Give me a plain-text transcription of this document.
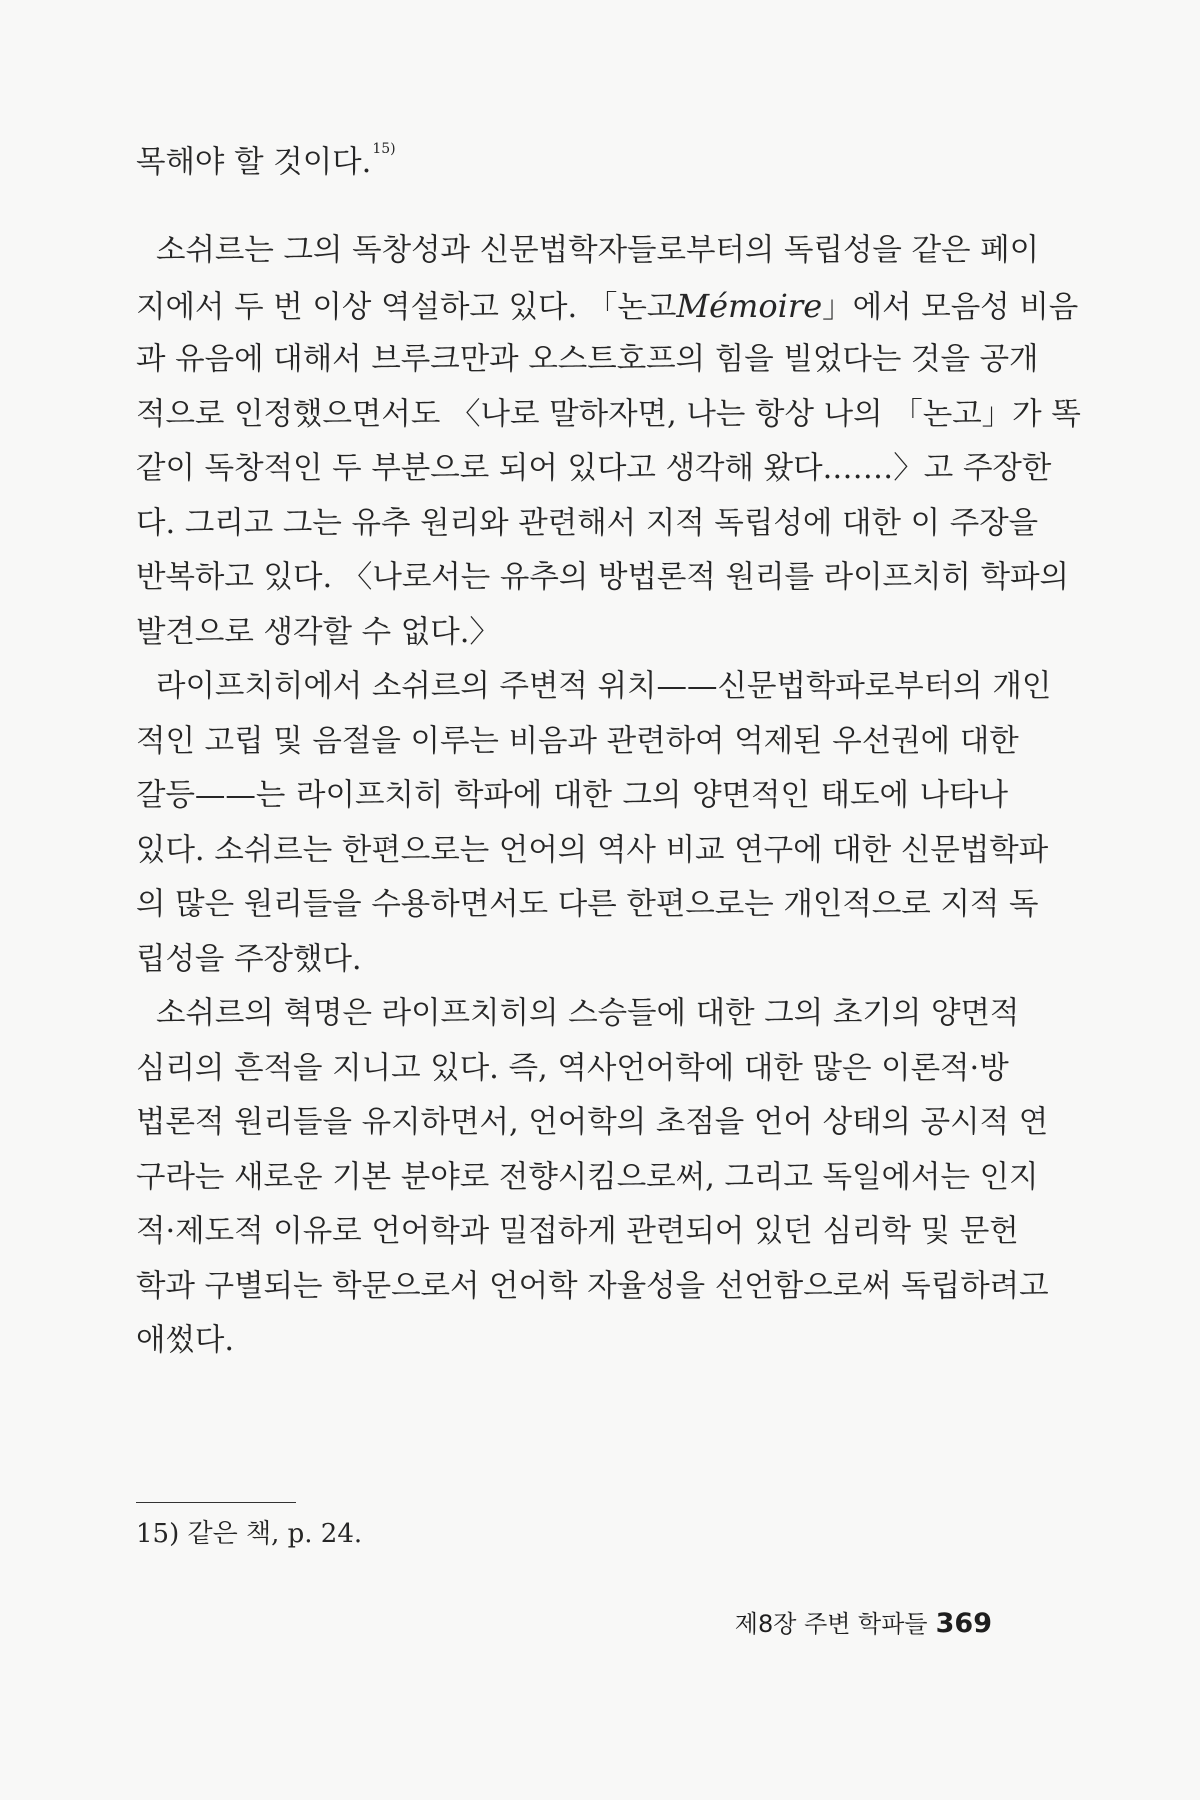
목해야 할 것이다.$^{15)}$

소쉬르는 그의 독창성과 신문법학자들로부터의 독립성을 같은 페이
지에서 두 번 이상 역설하고 있다. 「논고Mémoire」에서 모음성 비음
과 유음에 대해서 브루크만과 오스트호프의 힘을 빌었다는 것을 공개
적으로 인정했으면서도 〈나로 말하자면, 나는 항상 나의 「논고」가 똑
같이 독창적인 두 부분으로 되어 있다고 생각해 왔다.……〉고 주장한
다. 그리고 그는 유추 원리와 관련해서 지적 독립성에 대한 이 주장을
반복하고 있다. 〈나로서는 유추의 방법론적 원리를 라이프치히 학파의
발견으로 생각할 수 없다.〉
라이프치히에서 소쉬르의 주변적 위치——신문법학파로부터의 개인
적인 고립 및 음절을 이루는 비음과 관련하여 억제된 우선권에 대한
갈등——는 라이프치히 학파에 대한 그의 양면적인 태도에 나타나
있다. 소쉬르는 한편으로는 언어의 역사 비교 연구에 대한 신문법학파
의 많은 원리들을 수용하면서도 다른 한편으로는 개인적으로 지적 독
립성을 주장했다.
소쉬르의 혁명은 라이프치히의 스승들에 대한 그의 초기의 양면적
심리의 흔적을 지니고 있다. 즉, 역사언어학에 대한 많은 이론적·방
법론적 원리들을 유지하면서, 언어학의 초점을 언어 상태의 공시적 연
구라는 새로운 기본 분야로 전향시킴으로써, 그리고 독일에서는 인지
적·제도적 이유로 언어학과 밀접하게 관련되어 있던 심리학 및 문헌
학과 구별되는 학문으로서 언어학 자율성을 선언함으로써 독립하려고
애썼다.
15) 같은 책, p. 24.
제8장 주변 학파들 369
